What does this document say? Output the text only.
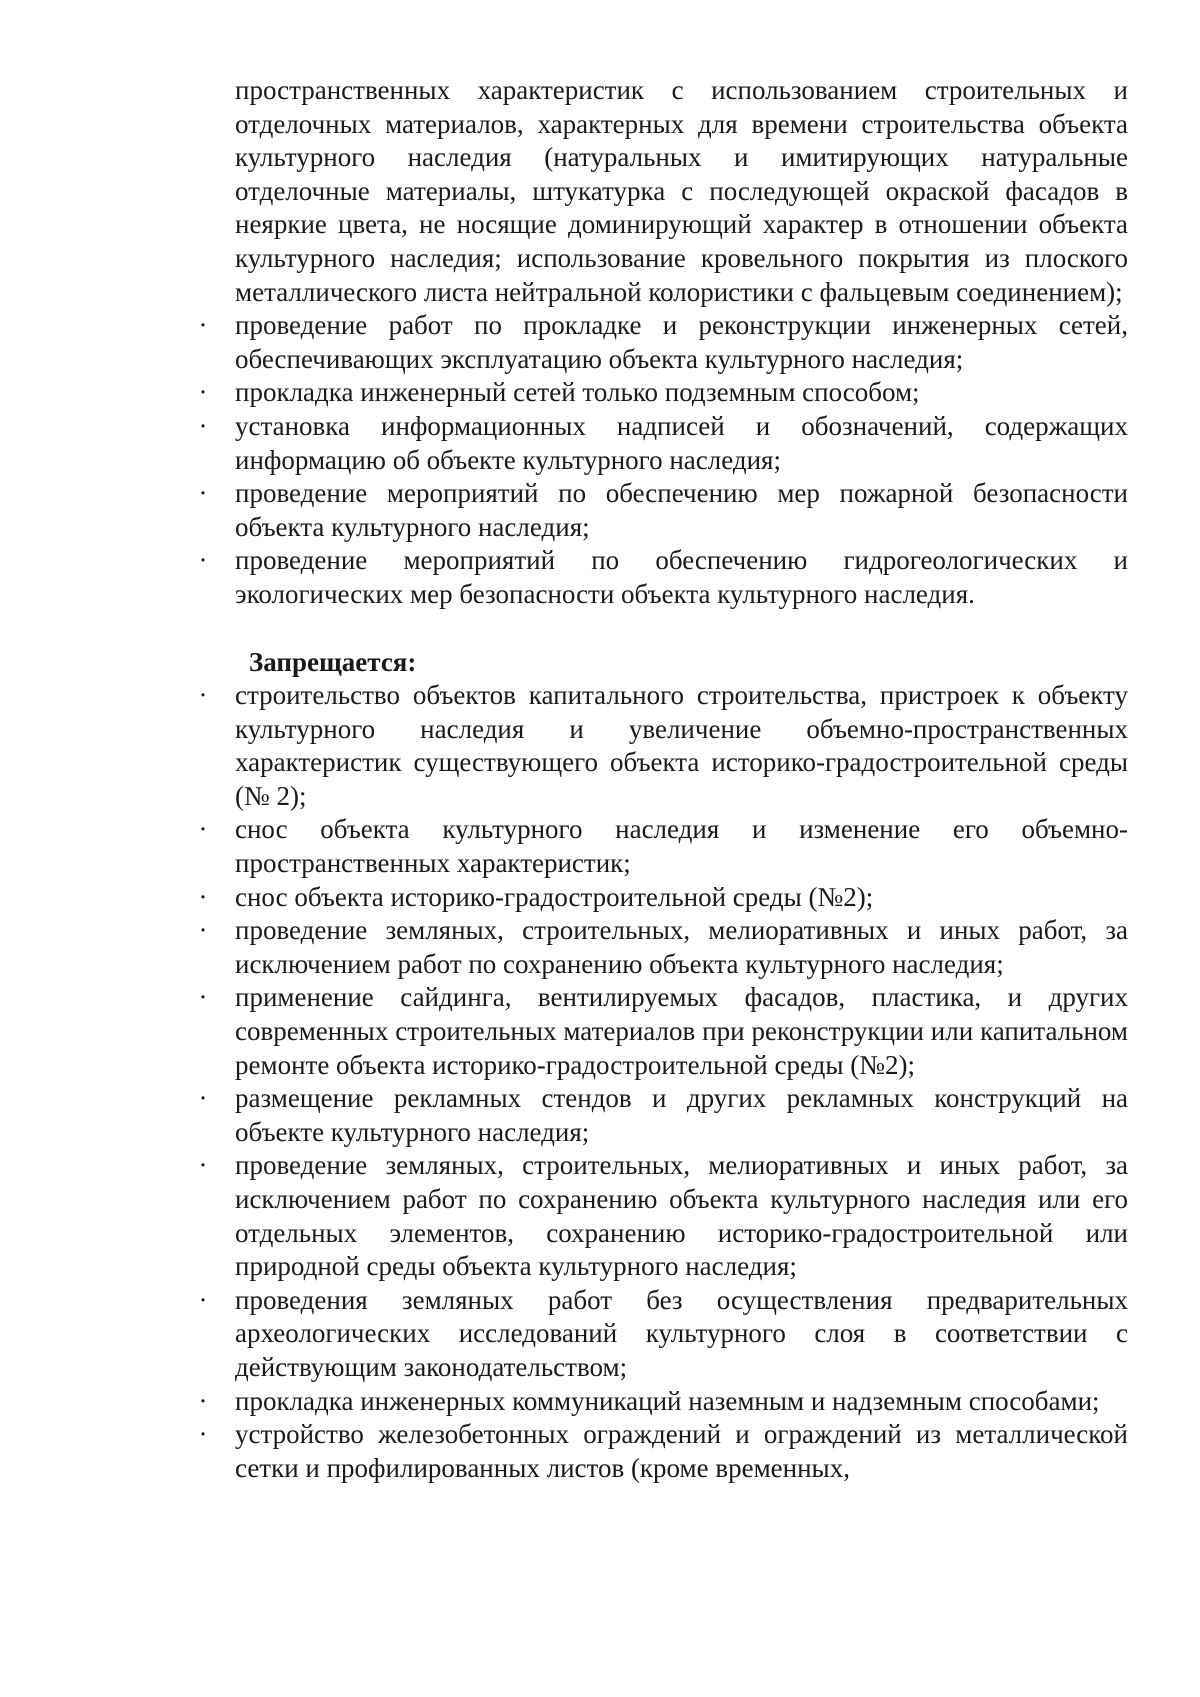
пространственных характеристик с использованием строительных и отделочных материалов, характерных для времени строительства объекта культурного наследия (натуральных и имитирующих натуральные отделочные материалы, штукатурка с последующей окраской фасадов в неяркие цвета, не носящие доминирующий характер в отношении объекта культурного наследия; использование кровельного покрытия из плоского металлического листа нейтральной колористики с фальцевым соединением);

· проведение работ по прокладке и реконструкции инженерных сетей, обеспечивающих эксплуатацию объекта культурного наследия;
· прокладка инженерный сетей только подземным способом;
· установка информационных надписей и обозначений, содержащих информацию об объекте культурного наследия;
· проведение мероприятий по обеспечению мер пожарной безопасности объекта культурного наследия;
· проведение мероприятий по обеспечению гидрогеологических и экологических мер безопасности объекта культурного наследия.

Запрещается:

· строительство объектов капитального строительства, пристроек к объекту культурного наследия и увеличение объемно-пространственных характеристик существующего объекта историко-градостроительной среды (№ 2);
· снос объекта культурного наследия и изменение его объемно-пространственных характеристик;
· снос объекта историко-градостроительной среды (№2);
· проведение земляных, строительных, мелиоративных и иных работ, за исключением работ по сохранению объекта культурного наследия;
· применение сайдинга, вентилируемых фасадов, пластика, и других современных строительных материалов при реконструкции или капитальном ремонте объекта историко-градостроительной среды (№2);
· размещение рекламных стендов и других рекламных конструкций на объекте культурного наследия;
· проведение земляных, строительных, мелиоративных и иных работ, за исключением работ по сохранению объекта культурного наследия или его отдельных элементов, сохранению историко-градостроительной или природной среды объекта культурного наследия;
· проведения земляных работ без осуществления предварительных археологических исследований культурного слоя в соответствии с действующим законодательством;
· прокладка инженерных коммуникаций наземным и надземным способами;
· устройство железобетонных ограждений и ограждений из металлической сетки и профилированных листов (кроме временных,
